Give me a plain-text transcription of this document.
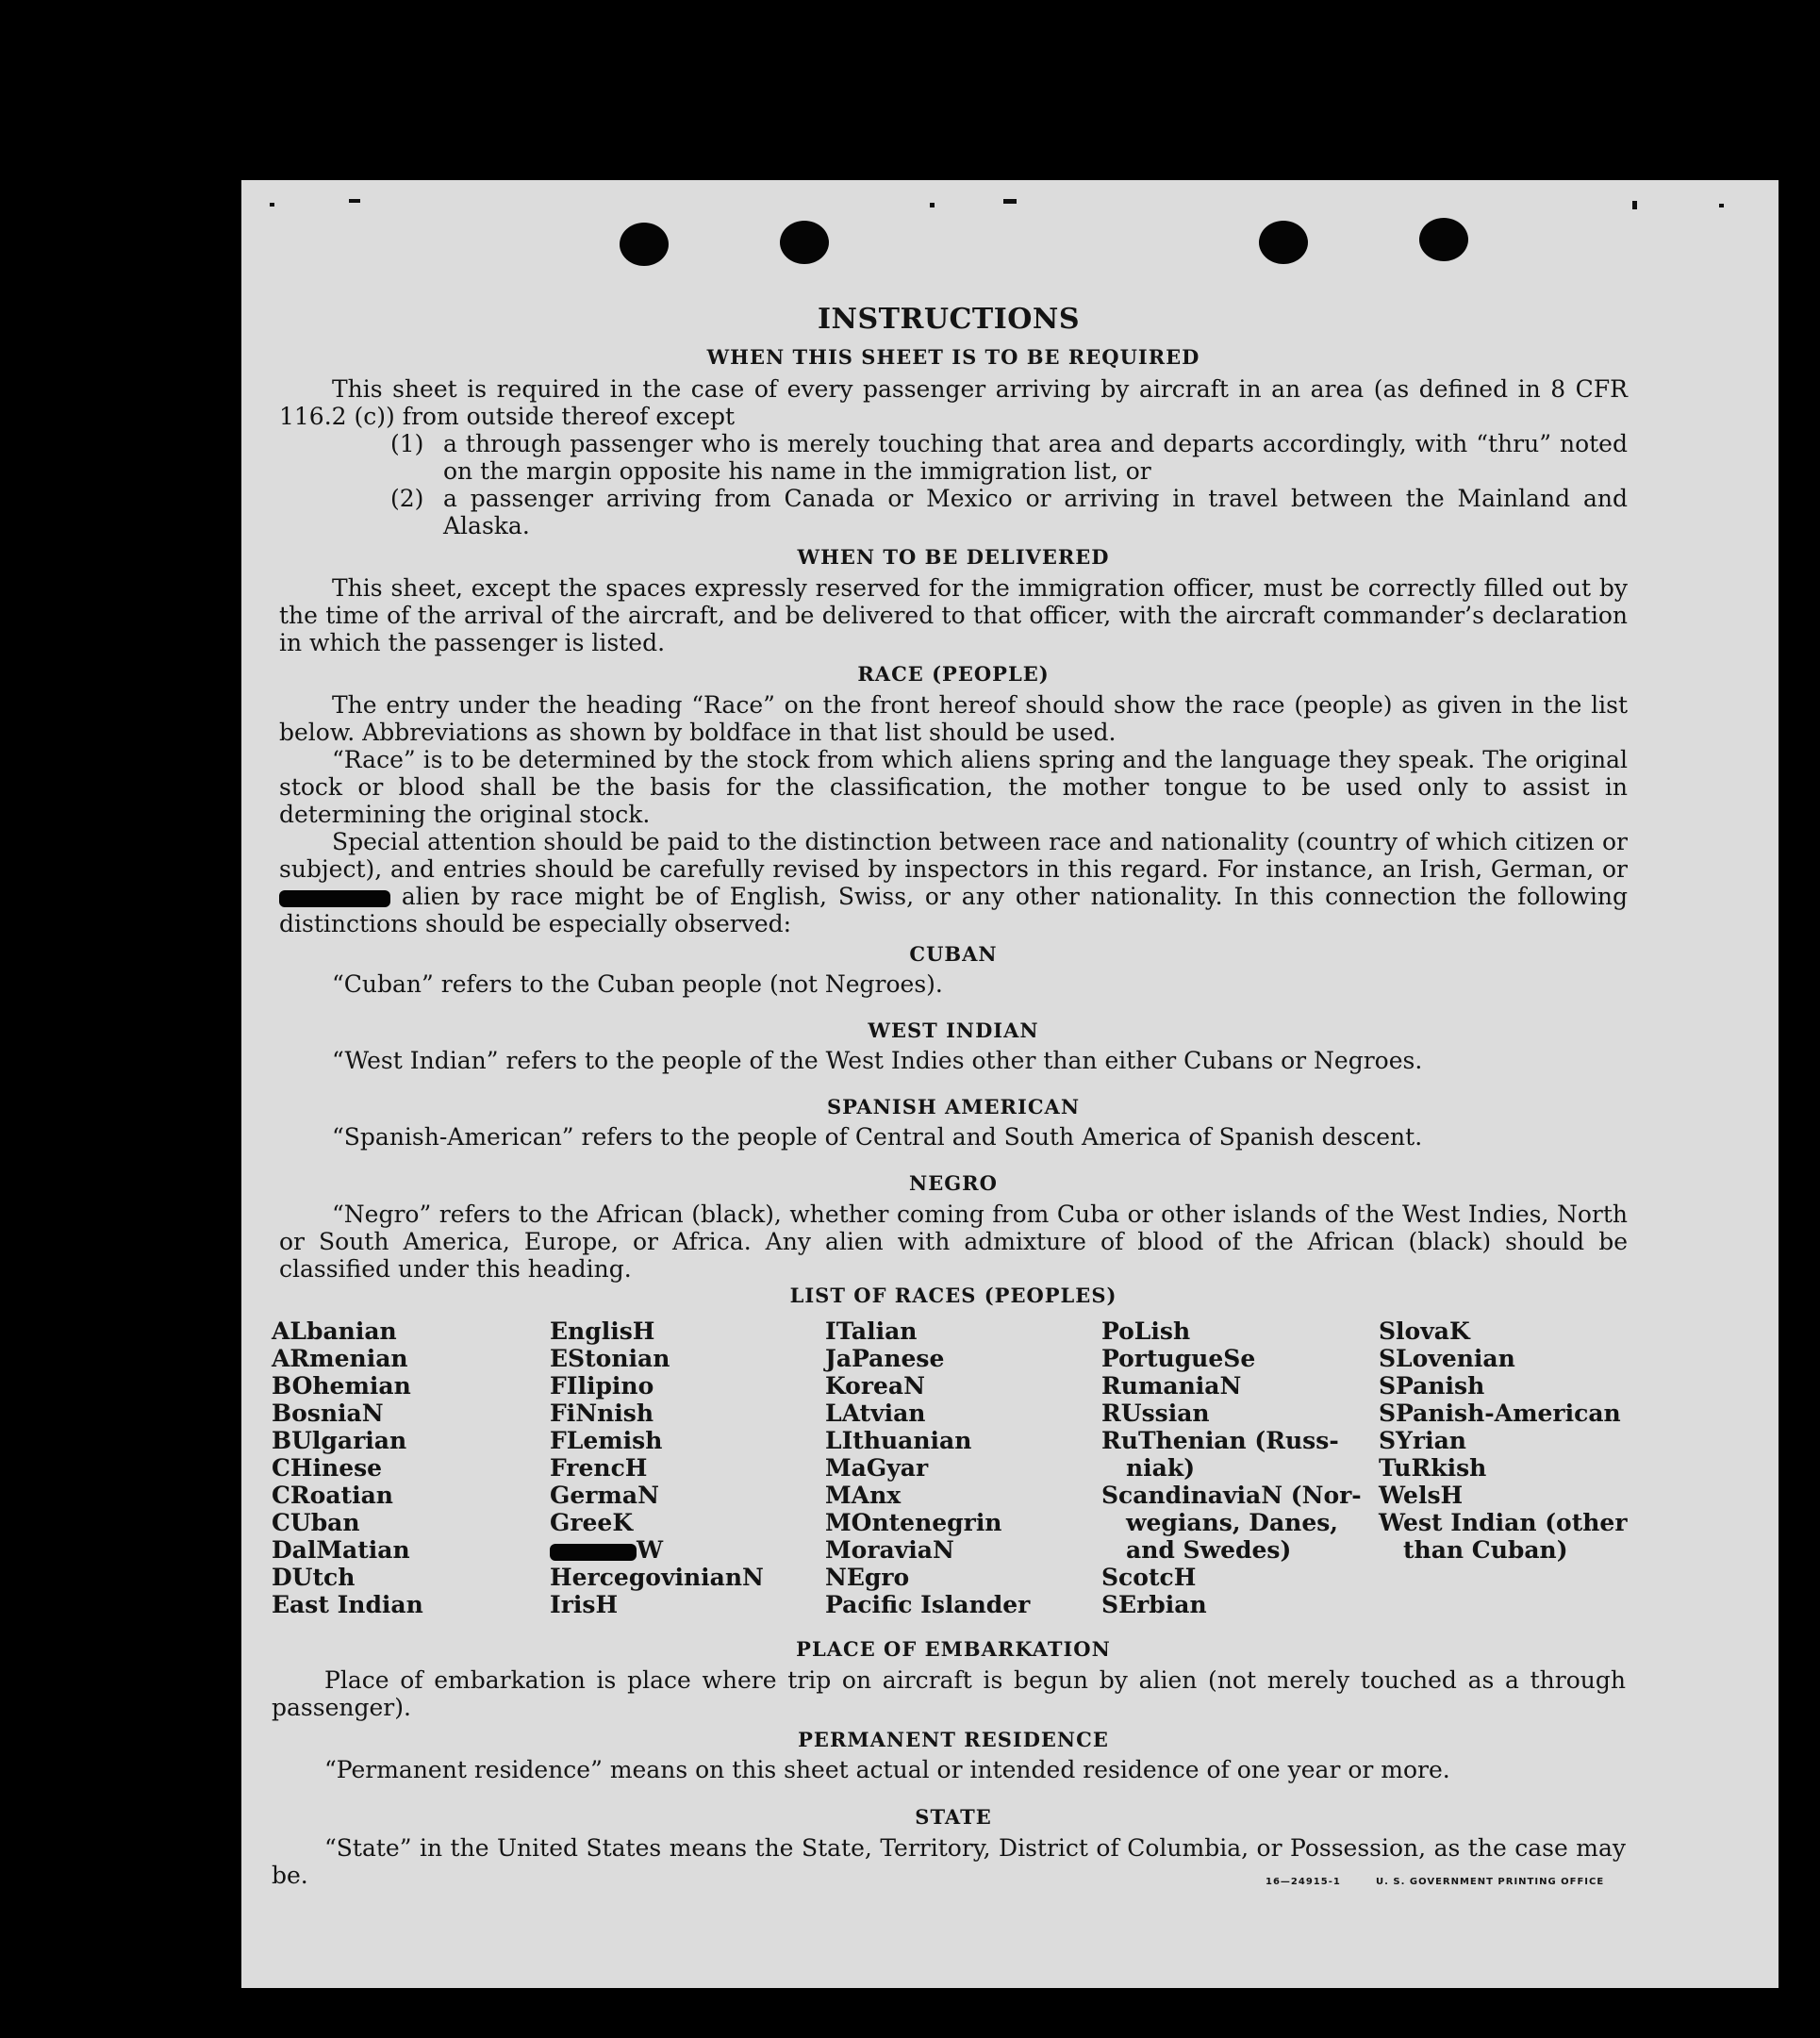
INSTRUCTIONS
WHEN THIS SHEET IS TO BE REQUIRED

This sheet is required in the case of every passenger arriving by aircraft in an area (as defined in 8 CFR 116.2 (c)) from outside thereof except

(1) a through passenger who is merely touching that area and departs accordingly, with “thru” noted on the margin opposite his name in the immigration list, or

(2) a passenger arriving from Canada or Mexico or arriving in travel between the Mainland and Alaska.

WHEN TO BE DELIVERED

This sheet, except the spaces expressly reserved for the immigration officer, must be correctly filled out by the time of the arrival of the aircraft, and be delivered to that officer, with the aircraft commander’s declaration in which the passenger is listed.

RACE (PEOPLE)

The entry under the heading “Race” on the front hereof should show the race (people) as given in the list below. Abbreviations as shown by boldface in that list should be used.

“Race” is to be determined by the stock from which aliens spring and the language they speak. The original stock or blood shall be the basis for the classification, the mother tongue to be used only to assist in determining the original stock.

Special attention should be paid to the distinction between race and nationality (country of which citizen or subject), and entries should be carefully revised by inspectors in this regard. For instance, an Irish, German, or  alien by race might be of English, Swiss, or any other nationality. In this connection the following distinctions should be especially observed:

CUBAN

“Cuban” refers to the Cuban people (not Negroes).

WEST INDIAN

“West Indian” refers to the people of the West Indies other than either Cubans or Negroes.

SPANISH AMERICAN

“Spanish-American” refers to the people of Central and South America of Spanish descent.

NEGRO

“Negro” refers to the African (black), whether coming from Cuba or other islands of the West Indies, North or South America, Europe, or Africa. Any alien with admixture of blood of the African (black) should be classified under this heading.

LIST OF RACES (PEOPLES)
ALbanian
ARmenian
BOhemian
BosniaN
BUlgarian
CHinese
CRoatian
CUban
DalMatian
DUtch
East Indian
EnglisH
EStonian
FIlipino
FiNnish
FLemish
FrencH
GermaN
GreeK
W
HercegovinianN
IrisH
ITalian
JaPanese
KoreaN
LAtvian
LIthuanian
MaGyar
MAnx
MOntenegrin
MoraviaN
NEgro
Pacific Islander
PoLish
PortugueSe
RumaniaN
RUssian
RuThenian (Russ-
niak)
ScandinaviaN (Nor-
wegians, Danes,
and Swedes)
ScotcH
SErbian
SlovaK
SLovenian
SPanish
SPanish-American
SYrian
TuRkish
WelsH
West Indian (other
than Cuban)
PLACE OF EMBARKATION

Place of embarkation is place where trip on aircraft is begun by alien (not merely touched as a through passenger).

PERMANENT RESIDENCE

“Permanent residence” means on this sheet actual or intended residence of one year or more.

STATE

“State” in the United States means the State, Territory, District of Columbia, or Possession, as the case may be.	16—24915-1	U. S. GOVERNMENT PRINTING OFFICE
